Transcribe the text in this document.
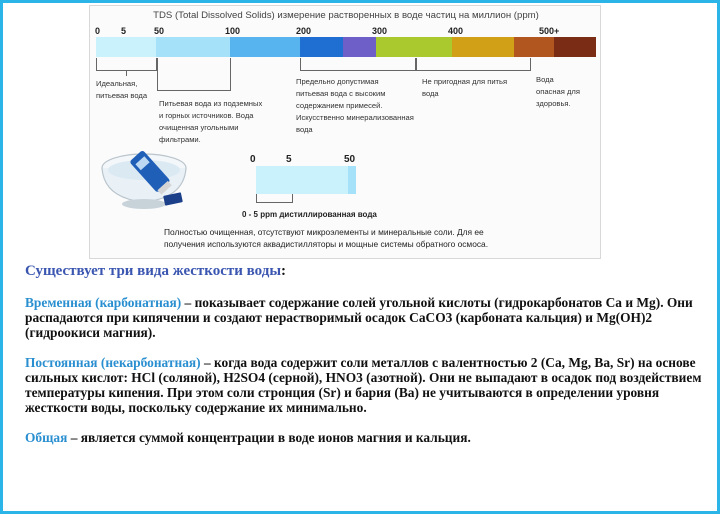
TDS (Total Dissolved Solids) измерение растворенных в воде частиц на миллион (ppm)
0 5	50	100	200	300	400	500+
Идеальная,
питьевая вода
Питьевая вода из подземных
и горных источников. Вода
очищенная угольными
фильтрами.
Предельно допустимая
питьевая вода с высоким
содержанием примесей.
Искусственно минерализованная вода
Не пригодная для питья
вода
Вода
опасная для
здоровья.
0	5	50
0 - 5 ppm дистиллированная вода
Полностью очищенная, отсутствуют микроэлементы и минеральные соли. Для ее
получения используются аквадистилляторы и мощные системы обратного осмоса.
Существует три вида жесткости воды:

Временная (карбонатная) – показывает содержание солей угольной кислоты (гидрокарбонатов Ca и Mg). Они распадаются при кипячении и создают нерастворимый осадок CaCO3 (карбоната кальция) и Mg(OH)2 (гидроокиси магния).

Постоянная (некарбонатная) – когда вода содержит соли металлов с валентностью 2 (Ca, Mg, Ba, Sr) на основе сильных кислот: HCl (соляной), H2SO4 (серной), HNO3 (азотной). Они не выпадают в осадок под воздействием температуры кипения. При этом соли стронция (Sr) и бария (Ba) не учитываются в определении уровня жесткости воды, поскольку содержание их минимально.

Общая – является суммой концентрации в воде ионов магния и кальция.
